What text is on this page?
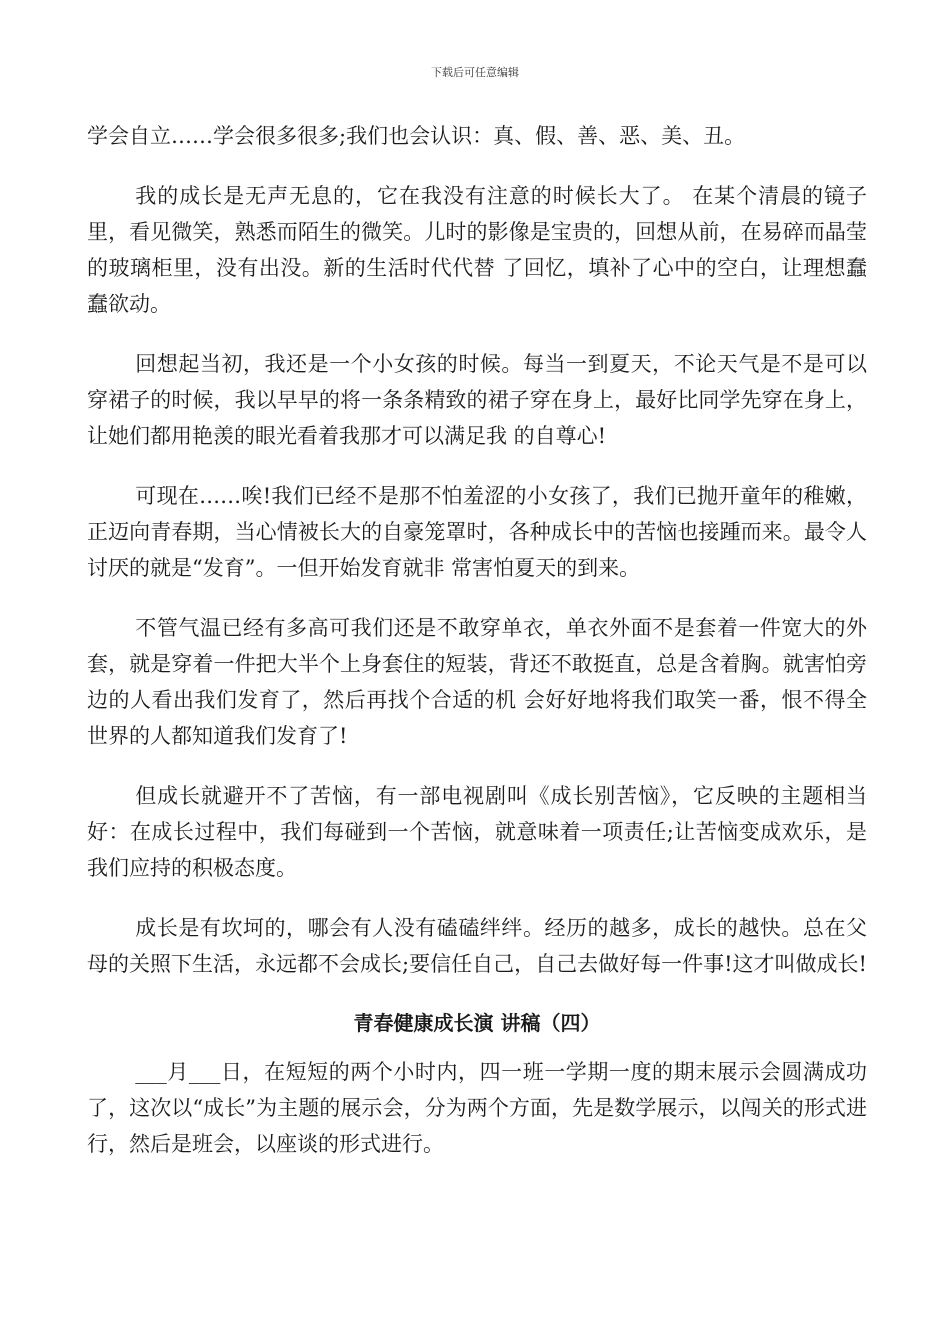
下载后可任意编辑

学会自立……学会很多很多;我们也会认识：真、假、善、恶、美、丑。

我的成长是无声无息的，它在我没有注意的时候长大了。 在某个清晨的镜子里，看见微笑，熟悉而陌生的微笑。儿时的影像是宝贵的，回想从前，在易碎而晶莹的玻璃柜里，没有出没。新的生活时代代替 了回忆，填补了心中的空白，让理想蠢蠢欲动。

回想起当初，我还是一个小女孩的时候。每当一到夏天，不论天气是不是可以穿裙子的时候，我以早早的将一条条精致的裙子穿在身上，最好比同学先穿在身上，让她们都用艳羡的眼光看着我那才可以满足我 的自尊心!

可现在……唉!我们已经不是那不怕羞涩的小女孩了，我们已抛开童年的稚嫩，正迈向青春期，当心情被长大的自豪笼罩时，各种成长中的苦恼也接踵而来。最令人讨厌的就是“发育”。一但开始发育就非 常害怕夏天的到来。

不管气温已经有多高可我们还是不敢穿单衣，单衣外面不是套着一件宽大的外套，就是穿着一件把大半个上身套住的短装，背还不敢挺直，总是含着胸。就害怕旁边的人看出我们发育了，然后再找个合适的机 会好好地将我们取笑一番，恨不得全世界的人都知道我们发育了!

但成长就避开不了苦恼，有一部电视剧叫《成长别苦恼》，它反映的主题相当好：在成长过程中，我们每碰到一个苦恼，就意味着一项责任;让苦恼变成欢乐，是我们应持的积极态度。

成长是有坎坷的，哪会有人没有磕磕绊绊。经历的越多，成长的越快。总在父母的关照下生活，永远都不会成长;要信任自己，自己去做好每一件事!这才叫做成长!

青春健康成长演 讲稿（四）

___月___日，在短短的两个小时内，四一班一学期一度的期末展示会圆满成功了，这次以“成长”为主题的展示会，分为两个方面，先是数学展示，以闯关的形式进行，然后是班会，以座谈的形式进行。
